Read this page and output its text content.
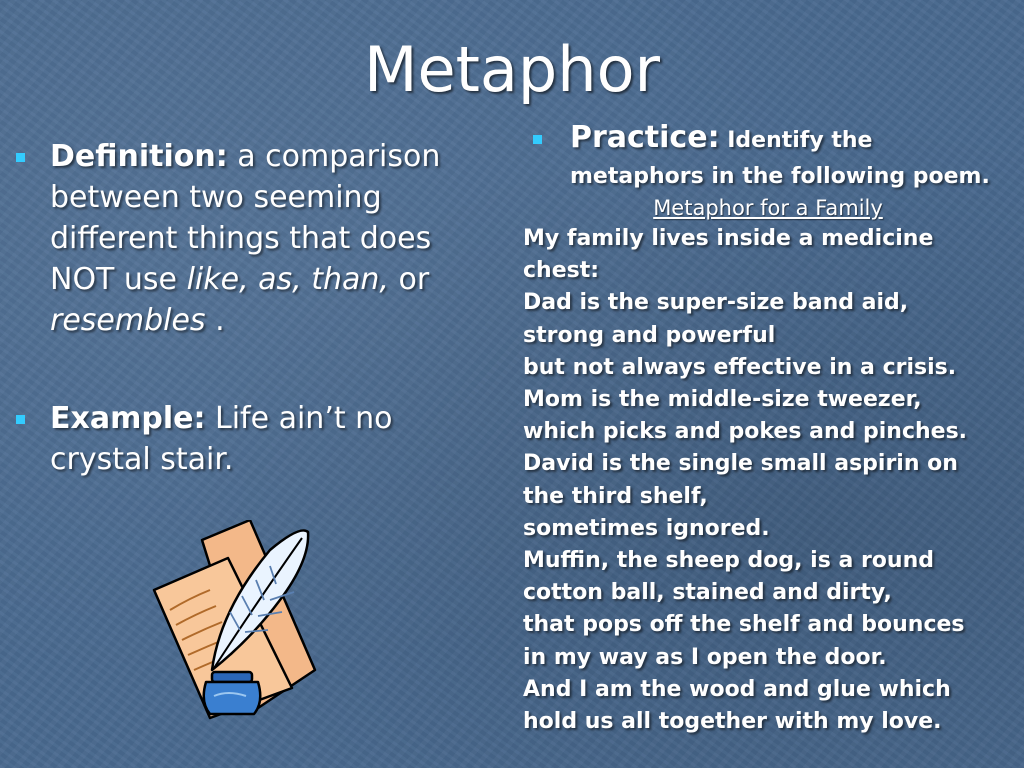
Metaphor
Definition: a comparison between two seeming different things that does NOT use like, as, than, or resembles .
Example: Life ain’t no crystal stair.
Practice: Identify the metaphors in the following poem.
Metaphor for a Family
My family lives inside a medicine
chest:
Dad is the super-size band aid,
strong and powerful
but not always effective in a crisis.
Mom is the middle-size tweezer,
which picks and pokes and pinches.
David is the single small aspirin on
the third shelf,
sometimes ignored.
Muffin, the sheep dog, is a round
cotton ball, stained and dirty,
that pops off the shelf and bounces
in my way as I open the door.
And I am the wood and glue which
hold us all together with my love.
